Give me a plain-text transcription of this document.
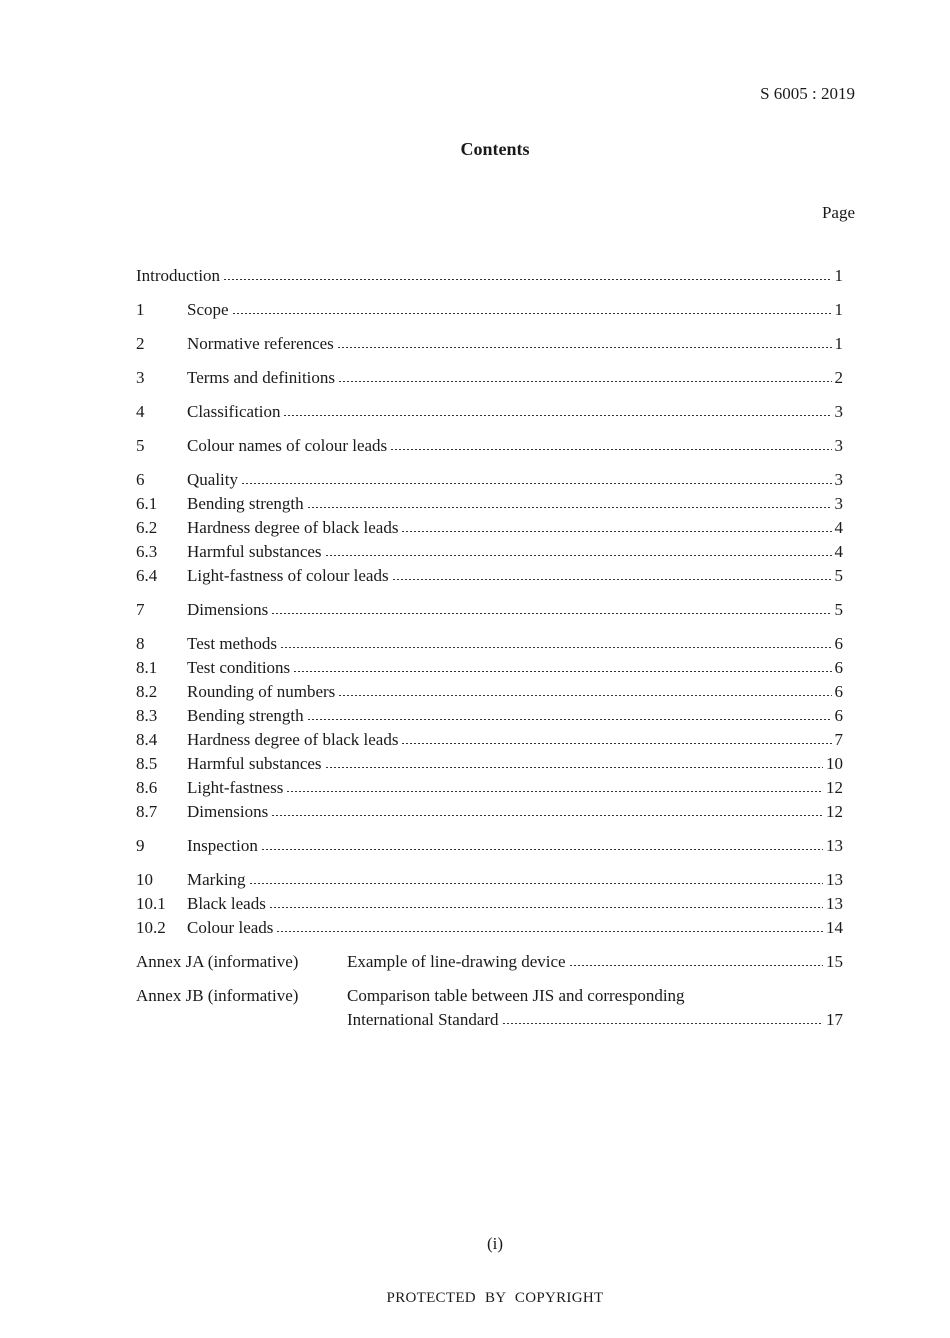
S 6005 : 2019
Contents
Page
Introduction	1
1	Scope	1
2	Normative references	1
3	Terms and definitions	2
4	Classification	3
5	Colour names of colour leads	3
6	Quality	3
6.1	Bending strength	3
6.2	Hardness degree of black leads	4
6.3	Harmful substances	4
6.4	Light-fastness of colour leads	5
7	Dimensions	5
8	Test methods	6
8.1	Test conditions	6
8.2	Rounding of numbers	6
8.3	Bending strength	6
8.4	Hardness degree of black leads	7
8.5	Harmful substances	10
8.6	Light-fastness	12
8.7	Dimensions	12
9	Inspection	13
10	Marking	13
10.1	Black leads	13
10.2	Colour leads	14
Annex JA (informative)	Example of line-drawing device	15
Annex JB (informative)	Comparison table between JIS and corresponding
International Standard	17
(i)
PROTECTED BY COPYRIGHT
